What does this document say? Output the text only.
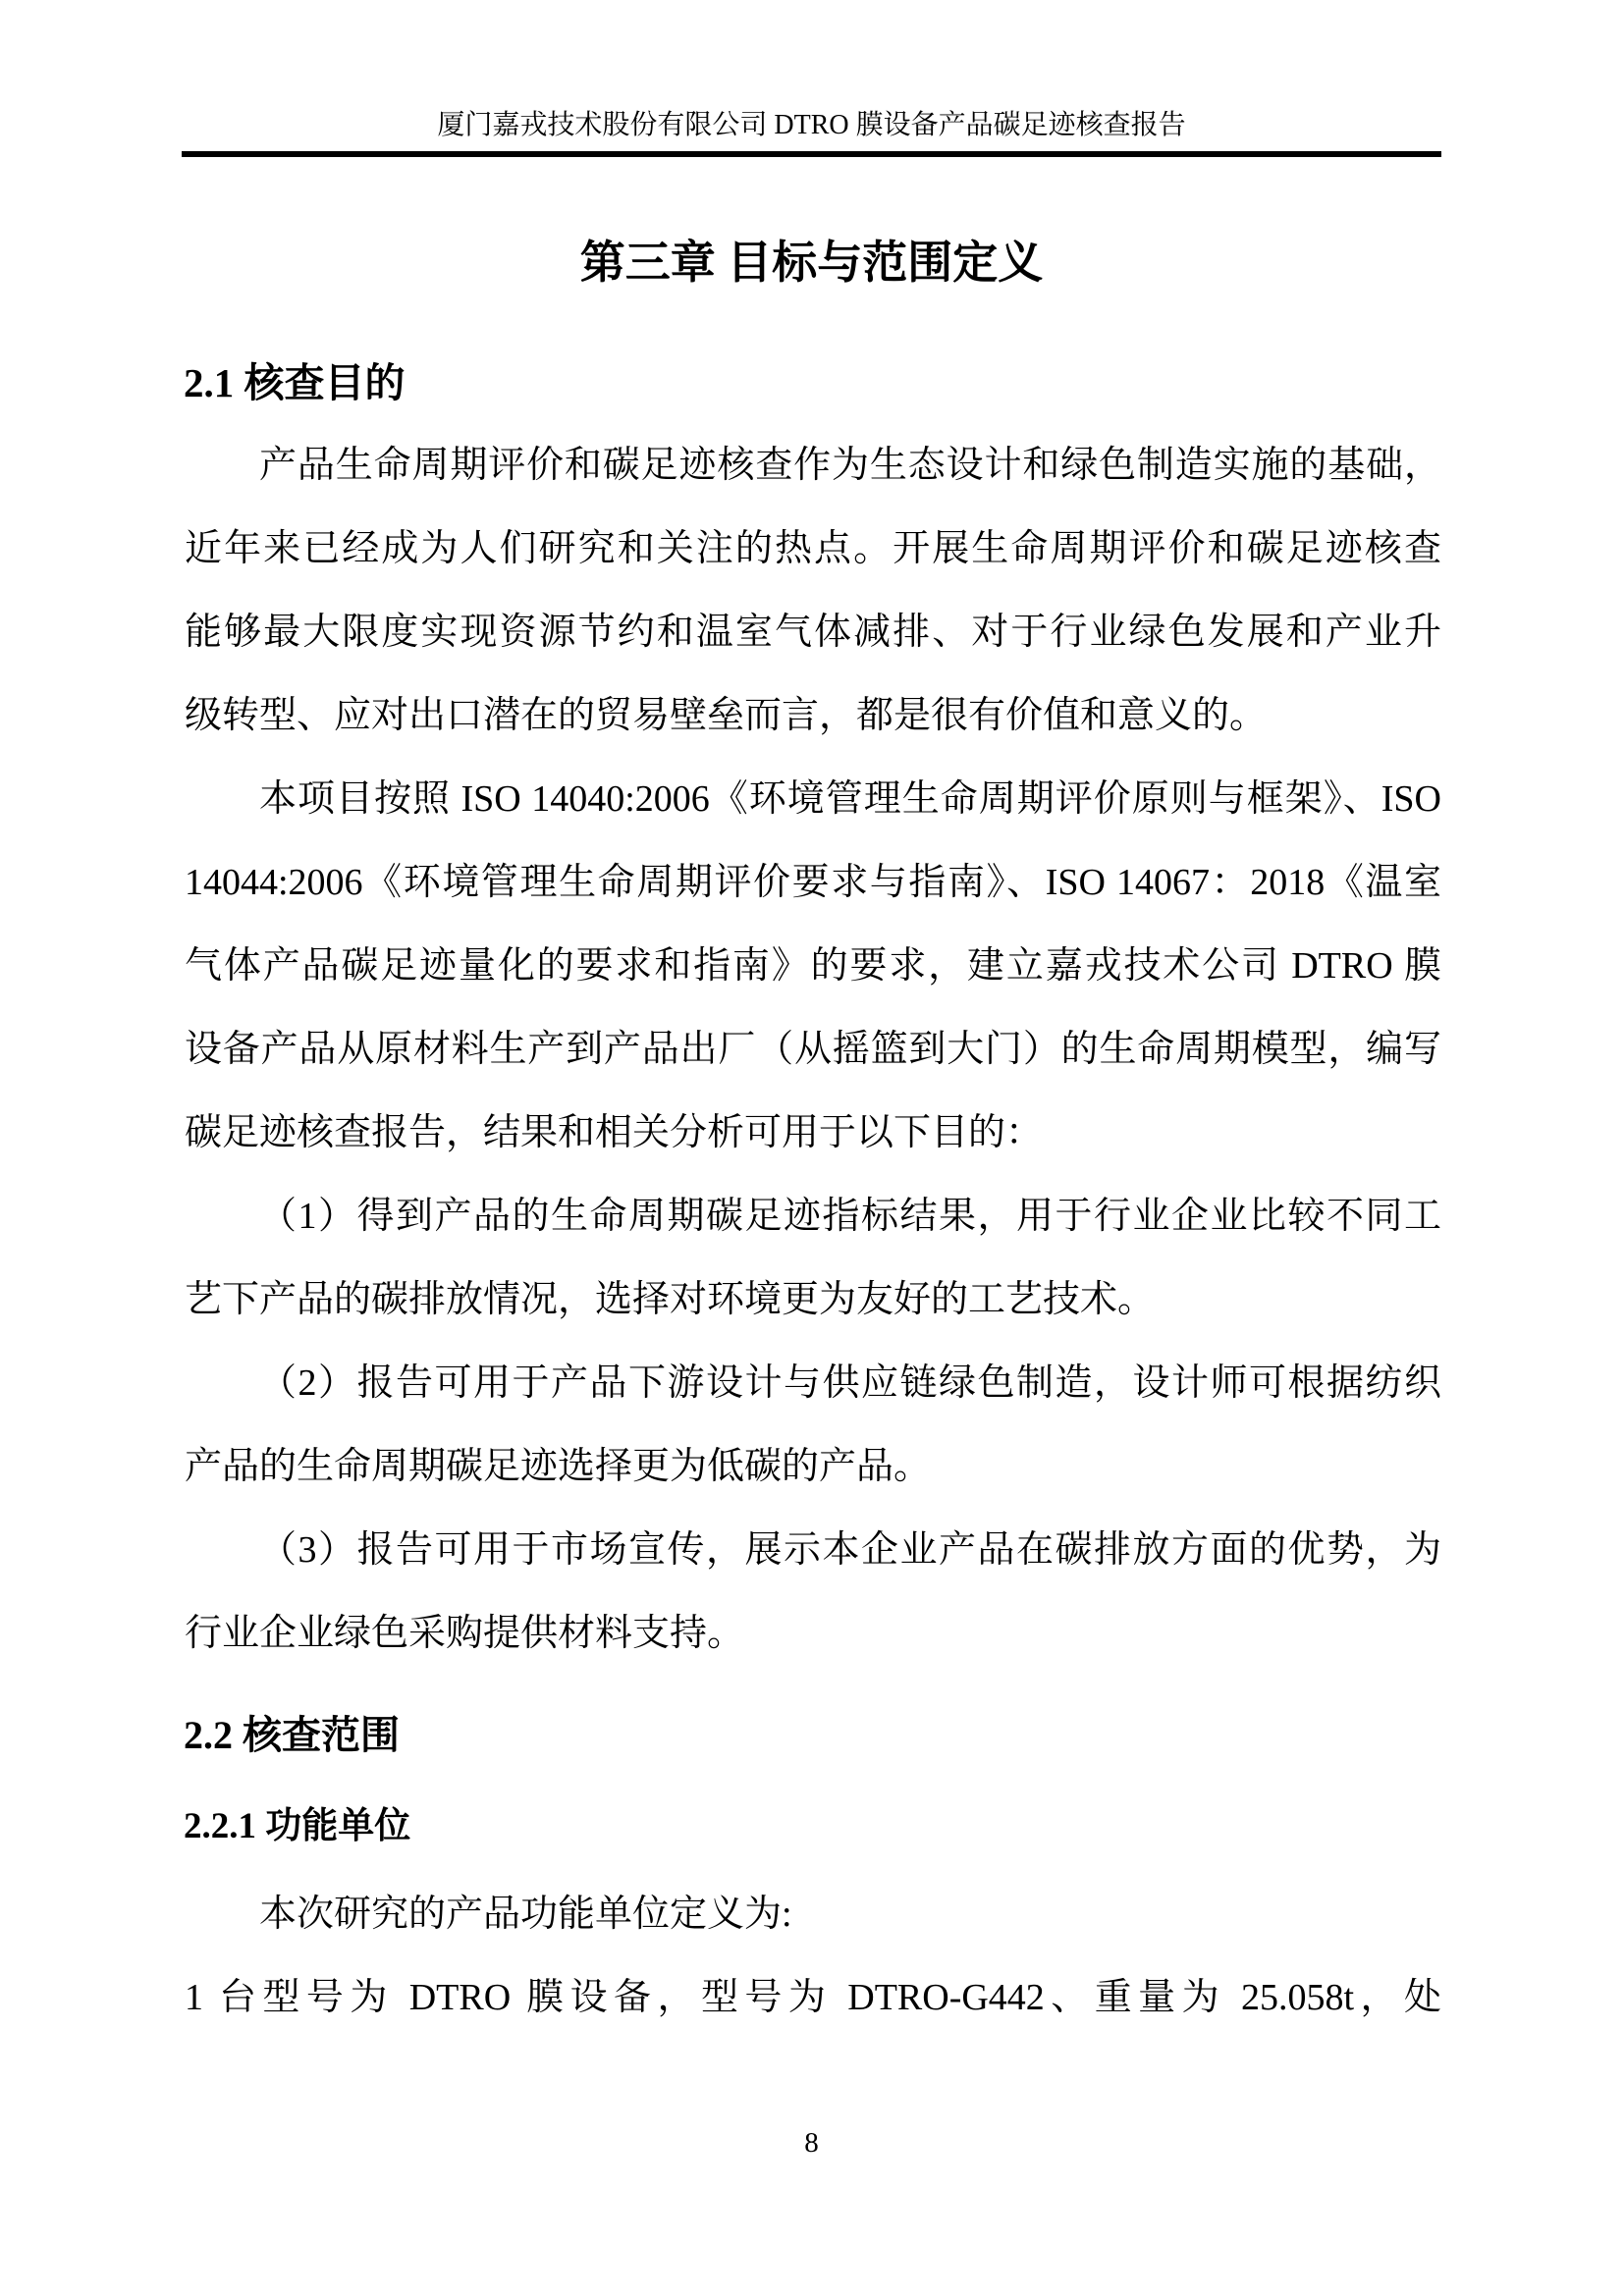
厦门嘉戎技术股份有限公司 DTRO 膜设备产品碳足迹核查报告
第三章 目标与范围定义
2.1 核查目的
产品生命周期评价和碳足迹核查作为生态设计和绿色制造实施的基础，
近年来已经成为人们研究和关注的热点。开展生命周期评价和碳足迹核查
能够最大限度实现资源节约和温室气体减排、对于行业绿色发展和产业升
级转型、应对出口潜在的贸易壁垒而言，都是很有价值和意义的。
本项目按照 ISO 14040:2006《环境管理生命周期评价原则与框架》、ISO
14044:2006《环境管理生命周期评价要求与指南》、ISO 14067：2018《温室
气体产品碳足迹量化的要求和指南》的要求，建立嘉戎技术公司 DTRO 膜
设备产品从原材料生产到产品出厂（从摇篮到大门）的生命周期模型，编写
碳足迹核查报告，结果和相关分析可用于以下目的：
（1）得到产品的生命周期碳足迹指标结果，用于行业企业比较不同工
艺下产品的碳排放情况，选择对环境更为友好的工艺技术。
（2）报告可用于产品下游设计与供应链绿色制造，设计师可根据纺织
产品的生命周期碳足迹选择更为低碳的产品。
（3）报告可用于市场宣传，展示本企业产品在碳排放方面的优势，为
行业企业绿色采购提供材料支持。
2.2 核查范围
2.2.1 功能单位
本次研究的产品功能单位定义为:
1 台型号为 DTRO 膜设备，型号为 DTRO-G442、重量为 25.058t，处
8
